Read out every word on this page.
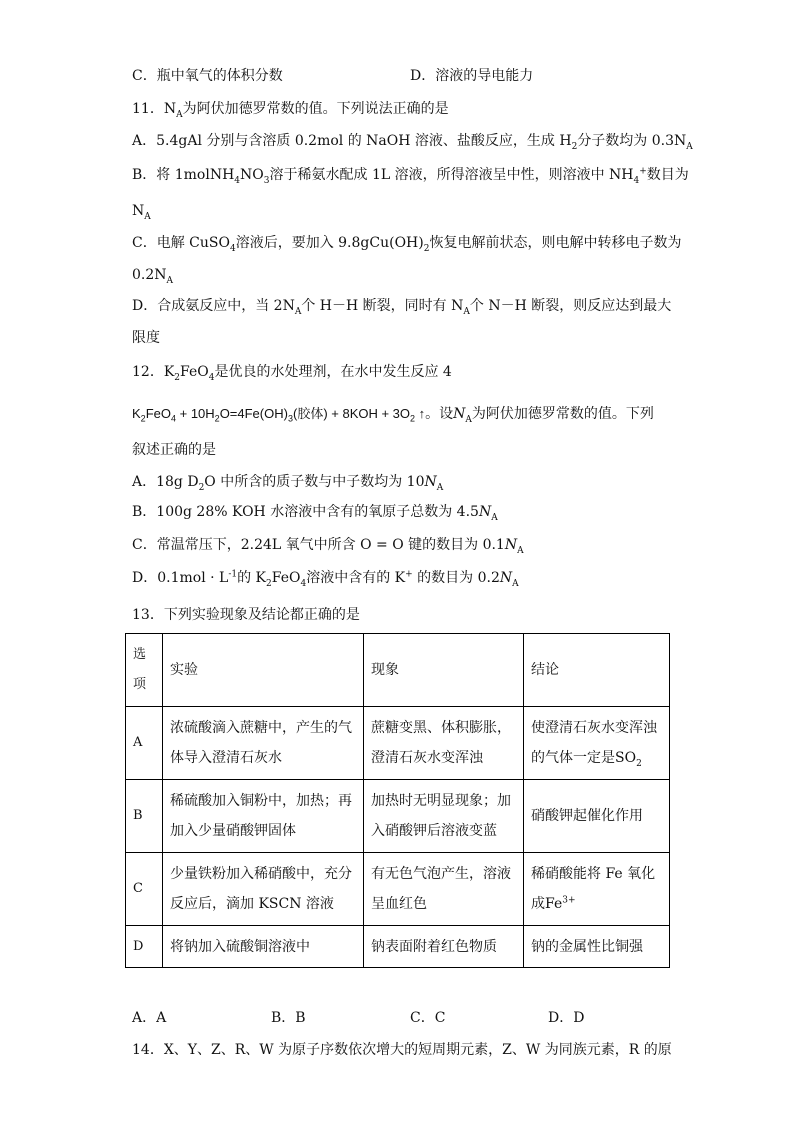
C．瓶中氧气的体积分数	D．溶液的导电能力
11．$N_A$为阿伏加德罗常数的值。下列说法正确的是
A．5.4gAl 分别与含溶质 0.2mol 的 NaOH 溶液、盐酸反应，生成 $H_2$分子数均为 $0.3N_A$
B．将 $1molNH_4NO_3$溶于稀氨水配成 1L 溶液，所得溶液呈中性，则溶液中 $NH_4^+$数目为
$N_A$
C．电解 CuSO$_4$溶液后，要加入 $9.8gCu(OH)_2$恢复电解前状态，则电解中转移电子数为
$0.2N_A$
D．合成氨反应中，当 $2N_A$个 H－H 断裂，同时有 $N_A$个 N－H 断裂，则反应达到最大
限度
12．$K_2FeO_4$是优良的水处理剂，在水中发生反应 4
$K_2FeO_4 + 10H_2O=4Fe(OH)_3$(胶体) + $8KOH + 3O_2$ ↑。设$N_A$为阿伏加德罗常数的值。下列
叙述正确的是
A．18g $D_2O$ 中所含的质子数与中子数均为 $10N_A$
B．100g 28% KOH 水溶液中含有的氧原子总数为 $4.5N_A$
C．常温常压下，2.24L 氧气中所含 O = O 键的数目为 $0.1N_A$
D．$0.1mol \cdot L^{-1}$的 $K_2FeO_4$溶液中含有的 K+ 的数目为 $0.2N_A$
13．下列实验现象及结论都正确的是
选项	实验	现象	结论
A	浓硫酸滴入蔗糖中，产生的气体导入澄清石灰水	蔗糖变黑、体积膨胀，澄清石灰水变浑浊	使澄清石灰水变浑浊的气体一定是$SO_2$
B	稀硫酸加入铜粉中，加热；再加入少量硝酸钾固体	加热时无明显现象；加入硝酸钾后溶液变蓝	硝酸钾起催化作用
C	少量铁粉加入稀硝酸中，充分反应后，滴加 KSCN 溶液	有无色气泡产生，溶液呈血红色	稀硝酸能将 Fe 氧化成$Fe^{3+}$
D	将钠加入硫酸铜溶液中	钠表面附着红色物质	钠的金属性比铜强
A．A	B．B	C．C	D．D
14．X、Y、Z、R、W 为原子序数依次增大的短周期元素，Z、W 为同族元素，R 的原
